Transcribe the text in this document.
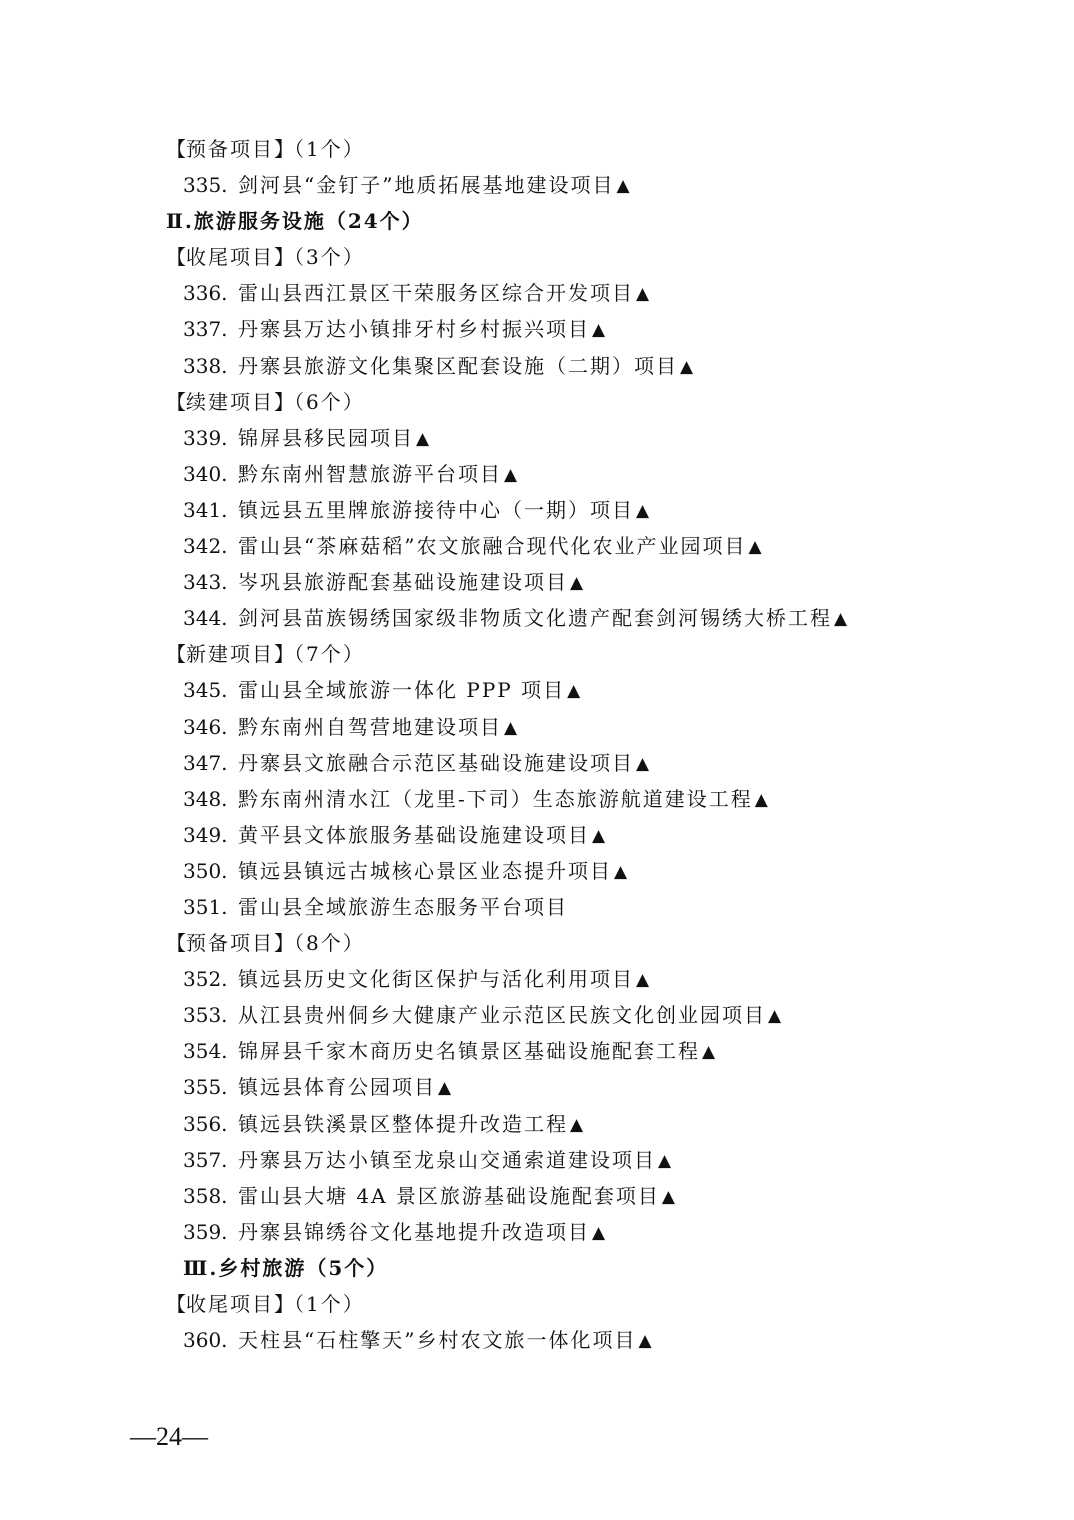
【预备项目】（1个）
335. 剑河县“金钉子”地质拓展基地建设项目 ▲
Ⅱ.旅游服务设施（24个）
【收尾项目】（3个）
336. 雷山县西江景区干荣服务区综合开发项目 ▲
337. 丹寨县万达小镇排牙村乡村振兴项目 ▲
338. 丹寨县旅游文化集聚区配套设施（二期）项目 ▲
【续建项目】（6个）
339. 锦屏县移民园项目 ▲
340. 黔东南州智慧旅游平台项目 ▲
341. 镇远县五里牌旅游接待中心（一期）项目 ▲
342. 雷山县“茶麻菇稻”农文旅融合现代化农业产业园项目 ▲
343. 岑巩县旅游配套基础设施建设项目 ▲
344. 剑河县苗族锡绣国家级非物质文化遗产配套剑河锡绣大桥工程 ▲
【新建项目】（7个）
345. 雷山县全域旅游一体化 PPP 项目 ▲
346. 黔东南州自驾营地建设项目 ▲
347. 丹寨县文旅融合示范区基础设施建设项目 ▲
348. 黔东南州清水江（龙里-下司）生态旅游航道建设工程 ▲
349. 黄平县文体旅服务基础设施建设项目 ▲
350. 镇远县镇远古城核心景区业态提升项目 ▲
351. 雷山县全域旅游生态服务平台项目
【预备项目】（8个）
352. 镇远县历史文化街区保护与活化利用项目 ▲
353. 从江县贵州侗乡大健康产业示范区民族文化创业园项目 ▲
354. 锦屏县千家木商历史名镇景区基础设施配套工程 ▲
355. 镇远县体育公园项目 ▲
356. 镇远县铁溪景区整体提升改造工程 ▲
357. 丹寨县万达小镇至龙泉山交通索道建设项目 ▲
358. 雷山县大塘 4A 景区旅游基础设施配套项目 ▲
359. 丹寨县锦绣谷文化基地提升改造项目 ▲
Ⅲ.乡村旅游（5个）
【收尾项目】（1个）
360. 天柱县“石柱擎天”乡村农文旅一体化项目 ▲
—24—
